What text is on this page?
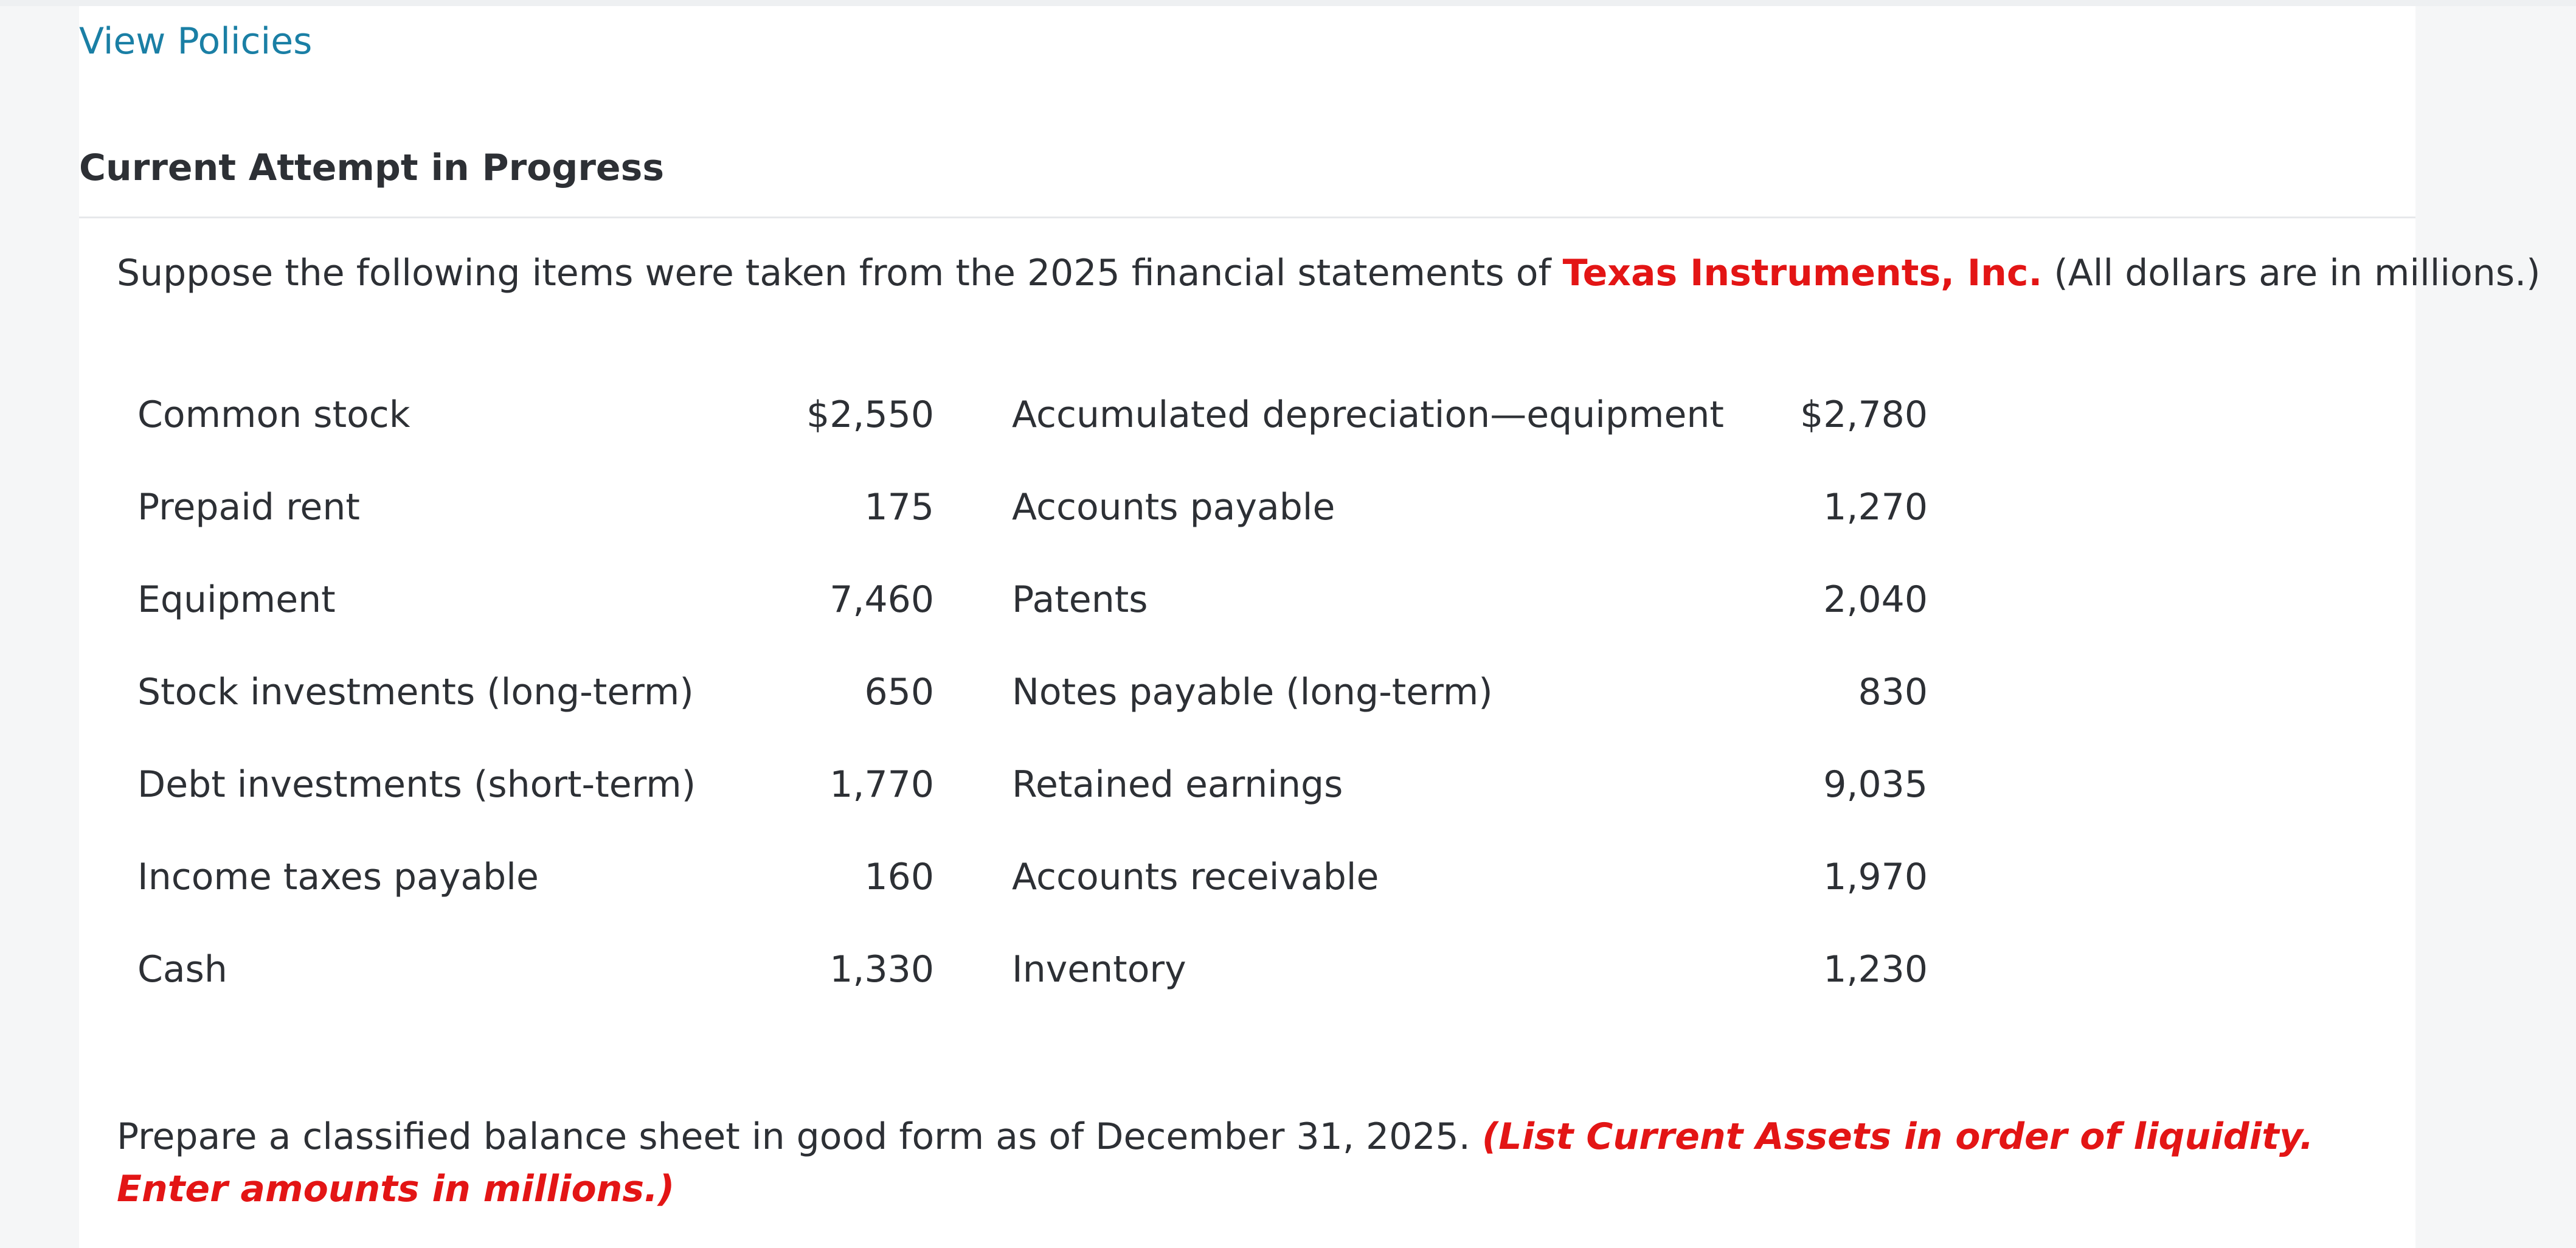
View Policies
Current Attempt in Progress
Suppose the following items were taken from the 2025 financial statements of Texas Instruments, Inc. (All dollars are in millions.)
Common stock	$2,550		Accumulated depreciation—equipment	$2,780
Prepaid rent	175		Accounts payable	1,270
Equipment	7,460		Patents	2,040
Stock investments (long-term)	650		Notes payable (long-term)	830
Debt investments (short-term)	1,770		Retained earnings	9,035
Income taxes payable	160		Accounts receivable	1,970
Cash	1,330		Inventory	1,230
Prepare a classified balance sheet in good form as of December 31, 2025. (List Current Assets in order of liquidity. Enter amounts in millions.)
